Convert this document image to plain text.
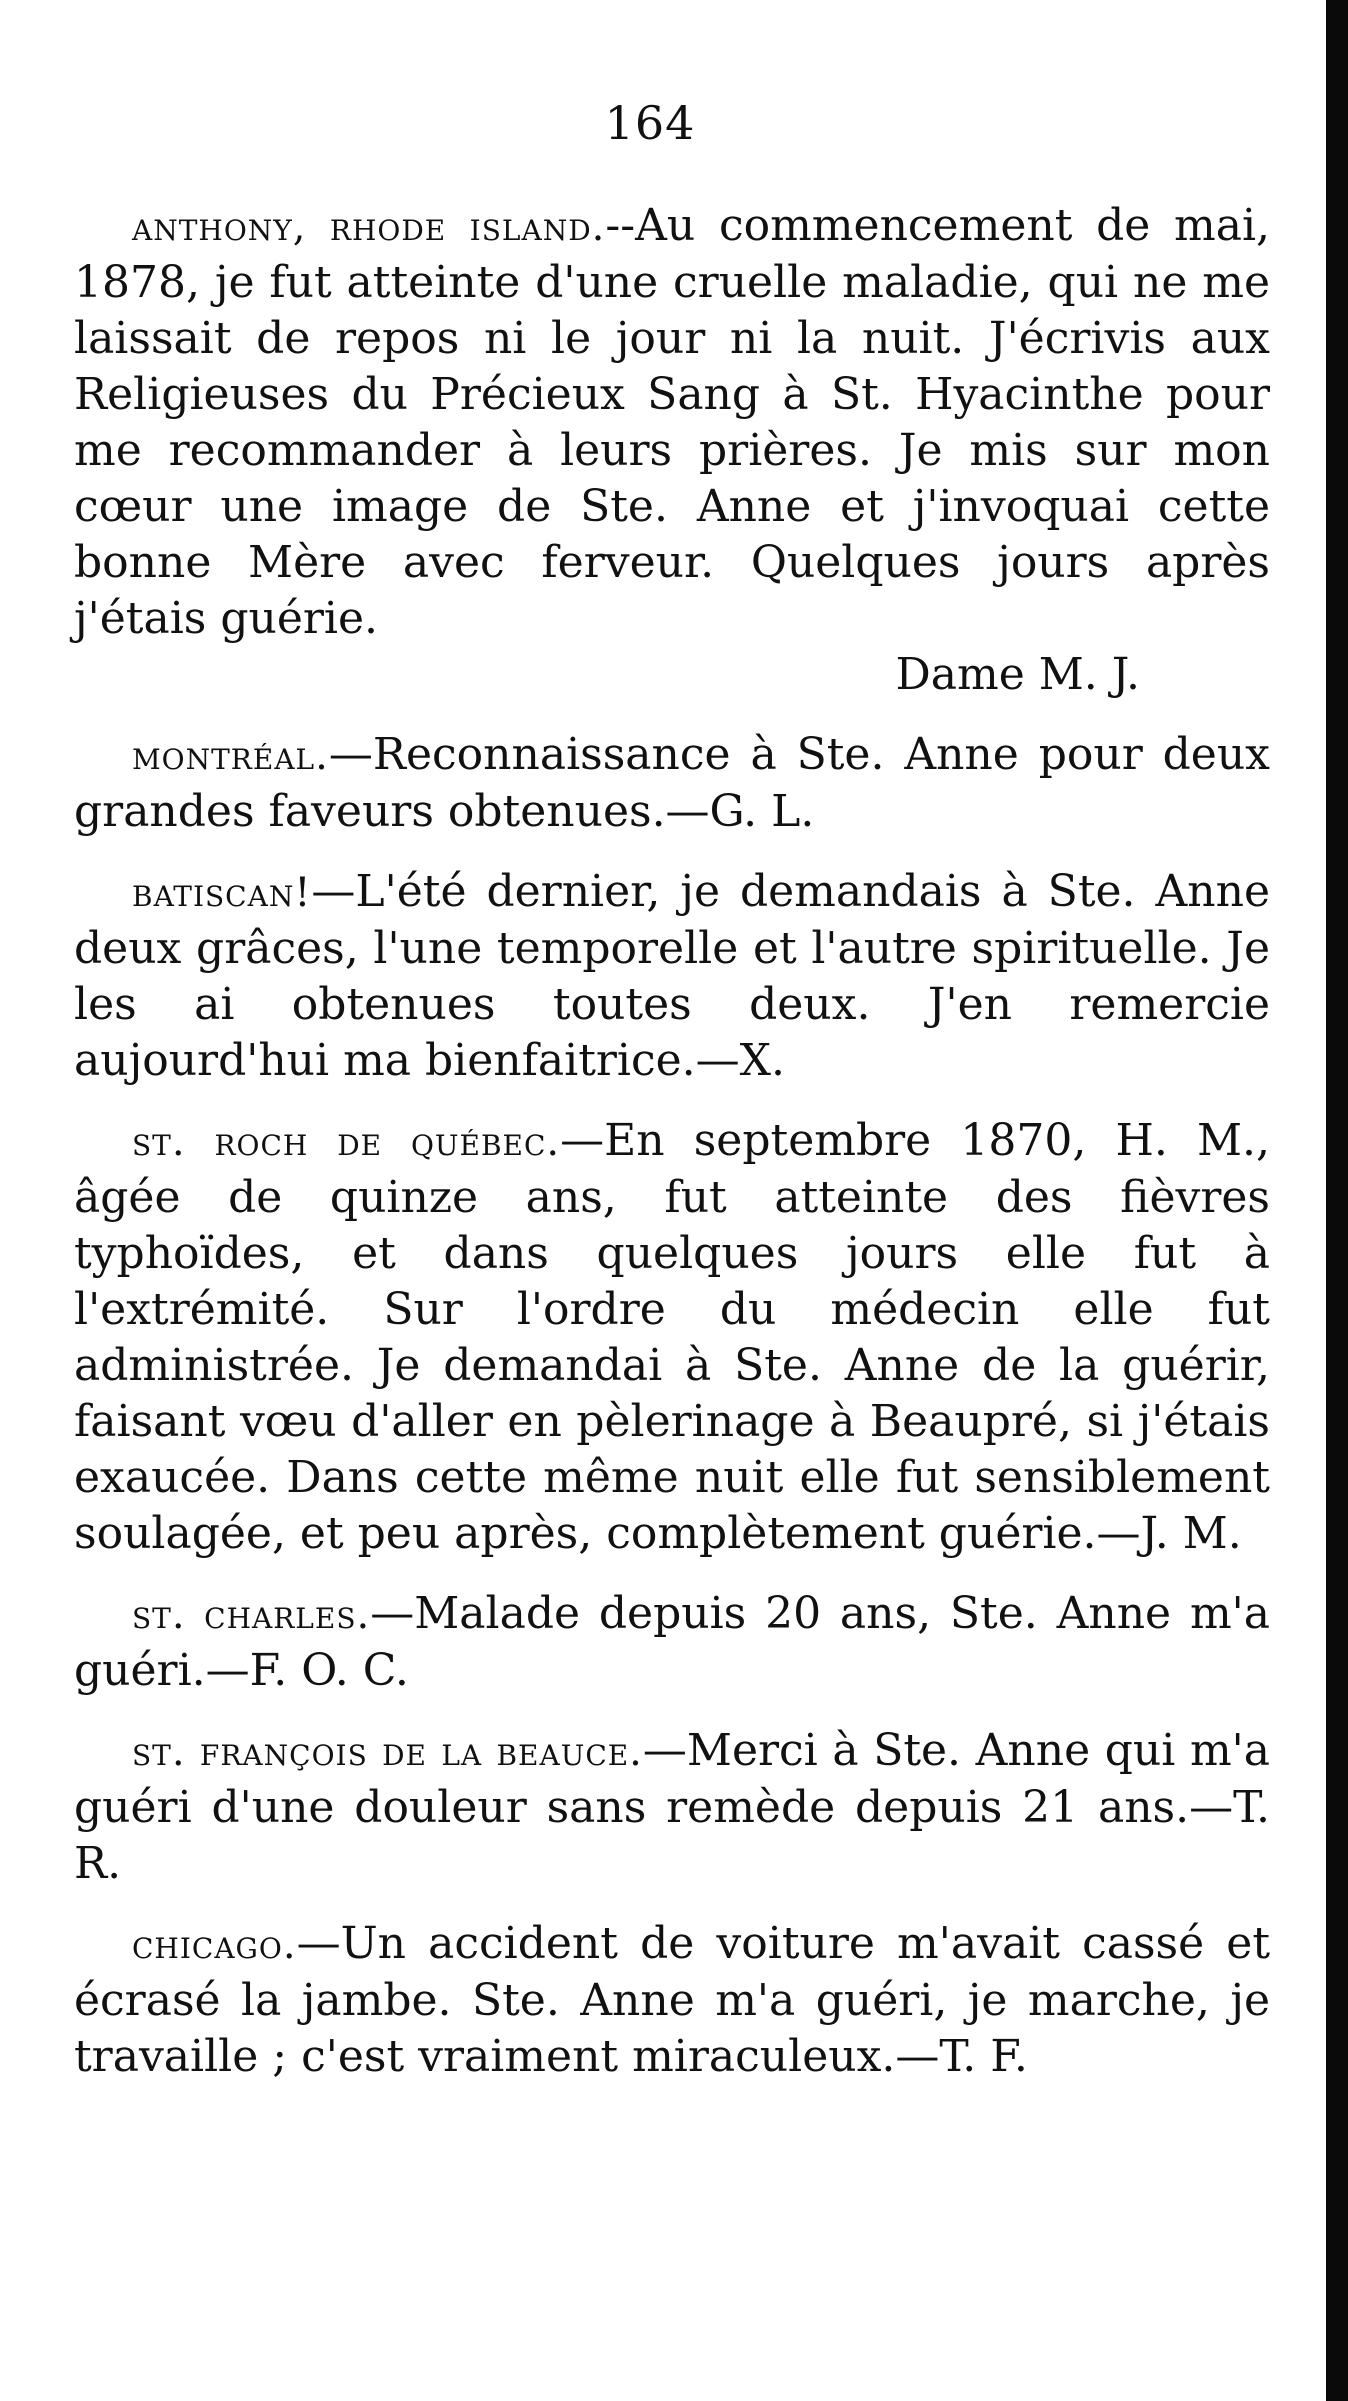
164

anthony, rhode island.--Au commencement de mai, 1878, je fut atteinte d'une cruelle maladie, qui ne me laissait de repos ni le jour ni la nuit. J'écrivis aux Religieuses du Précieux Sang à St. Hyacinthe pour me recommander à leurs prières. Je mis sur mon cœur une image de Ste. Anne et j'invoquai cette bonne Mère avec ferveur. Quelques jours après j'étais guérie.
Dame M. J.

montréal.—Reconnaissance à Ste. Anne pour deux grandes faveurs obtenues.—G. L.

batiscan!—L'été dernier, je demandais à Ste. Anne deux grâces, l'une temporelle et l'autre spirituelle. Je les ai obtenues toutes deux. J'en remercie aujourd'hui ma bienfaitrice.—X.

st. roch de québec.—En septembre 1870, H. M., âgée de quinze ans, fut atteinte des fièvres typhoïdes, et dans quelques jours elle fut à l'extrémité. Sur l'ordre du médecin elle fut administrée. Je demandai à Ste. Anne de la guérir, faisant vœu d'aller en pèlerinage à Beaupré, si j'étais exaucée. Dans cette même nuit elle fut sensiblement soulagée, et peu après, complètement guérie.—J. M.

st. charles.—Malade depuis 20 ans, Ste. Anne m'a guéri.—F. O. C.

st. françois de la beauce.—Merci à Ste. Anne qui m'a guéri d'une douleur sans remède depuis 21 ans.—T. R.

chicago.—Un accident de voiture m'avait cassé et écrasé la jambe. Ste. Anne m'a guéri, je marche, je travaille ; c'est vraiment miraculeux.—T. F.
